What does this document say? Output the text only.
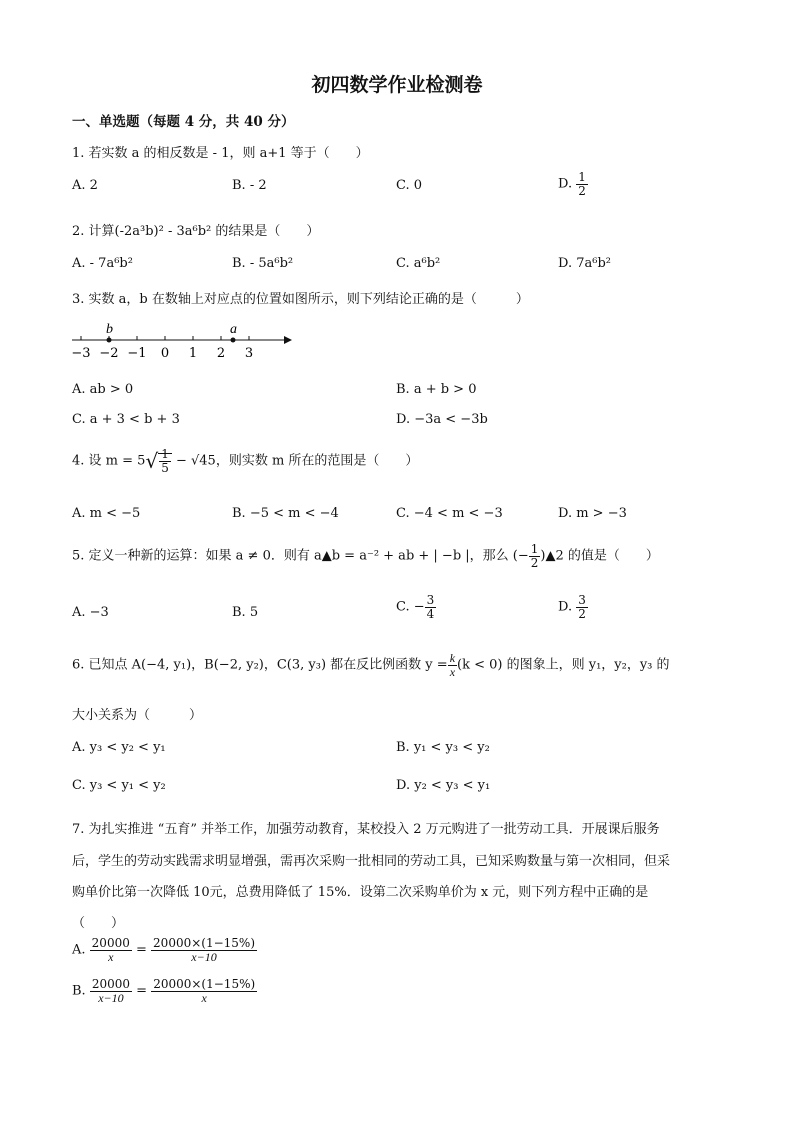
初四数学作业检测卷
一、单选题（每题 4 分，共 40 分）
1. 若实数 a 的相反数是 - 1，则 a+1 等于（　　）
A. 2	B. - 2	C. 0	D. $\frac{1}{2}$
2. 计算(-2a³b)² - 3a⁶b² 的结果是（　　）
A. - 7a⁶b²	B. - 5a⁶b²	C. a⁶b²	D. 7a⁶b²
3. 实数 a，b 在数轴上对应点的位置如图所示，则下列结论正确的是（　　　）
−3 −2 −1 0 1 2 3
b	a
A. ab > 0	B. a + b > 0
C. a + 3 < b + 3	D. −3a < −3b
4. 设 $m = 5√ \frac{1}{5} - √45$，则实数 m 所在的范围是（　　）
A. m < −5	B. −5 < m < −4	C. −4 < m < −3	D. m > −3
5. 定义一种新的运算：如果 a ≠ 0．则有 a▲b = a⁻² + ab + | −b |，那么 (− $\frac{1}{2}$ )▲2 的值是（　　）
A. −3	B. 5	C. − $\frac{3}{4}$	D. $\frac{3}{2}$
6. 已知点 A(−4, y₁)，B(−2, y₂)，C(3, y₃) 都在反比例函数 $y = \frac{k}{x} (k < 0)$ 的图象上，则 y₁，y₂，y₃ 的
大小关系为（　　　）
A. y₃ < y₂ < y₁	B. y₁ < y₃ < y₂
C. y₃ < y₁ < y₂	D. y₂ < y₃ < y₁
7. 为扎实推进 “五育” 并举工作，加强劳动教育，某校投入 2 万元购进了一批劳动工具．开展课后服务
后，学生的劳动实践需求明显增强，需再次采购一批相同的劳动工具，已知采购数量与第一次相同，但采
购单价比第一次降低 10元，总费用降低了 15%．设第二次采购单价为 x 元，则下列方程中正确的是
（　　）
A. $\frac{20000}{x} = \frac{20000\times(1-15\%)}{x-10}$
B. $\frac{20000}{x-10} = \frac{20000\times(1-15\%)}{x}$
